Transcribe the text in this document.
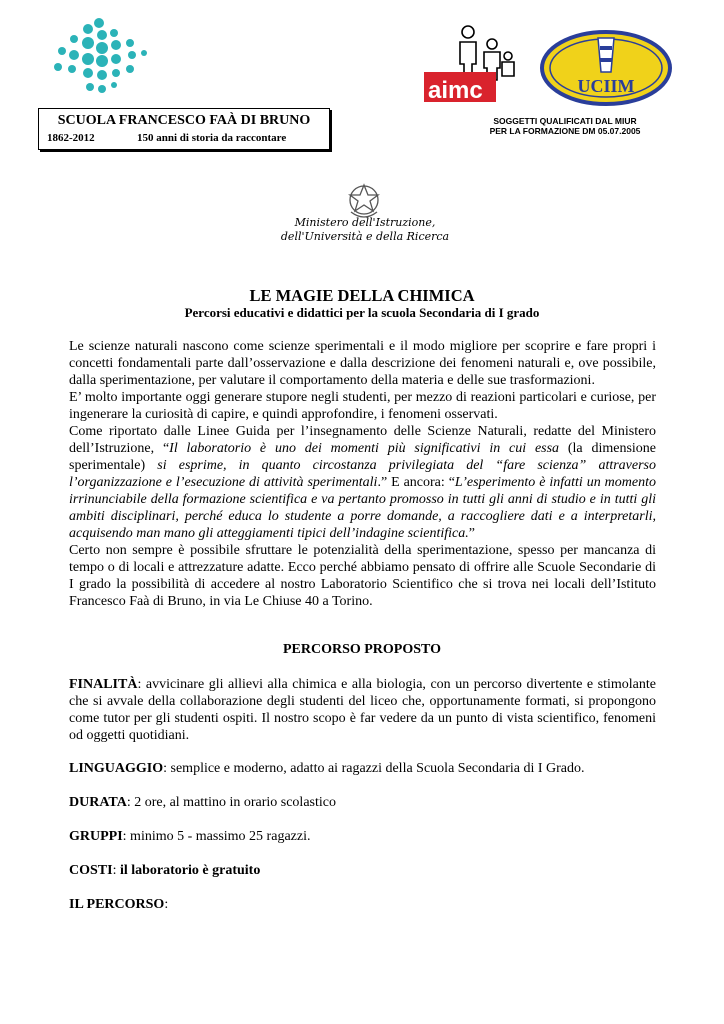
SCUOLA FRANCESCO FAÀ DI BRUNO
1862-2012	150 anni di storia da raccontare
aimc	UCIIM
SOGGETTI QUALIFICATI DAL MIUR
PER LA FORMAZIONE DM 05.07.2005
Ministero dell'Istruzione,
dell'Università e della Ricerca
LE MAGIE DELLA CHIMICA
Percorsi educativi e didattici per la scuola Secondaria di I grado

Le scienze naturali nascono come scienze sperimentali e il modo migliore per scoprire e fare propri i concetti fondamentali parte dall’osservazione e dalla descrizione dei fenomeni naturali e, ove possibile, dalla sperimentazione, per valutare il comportamento della materia e delle sue trasformazioni.

E’ molto importante oggi generare stupore negli studenti, per mezzo di reazioni particolari e curiose, per ingenerare la curiosità di capire, e quindi approfondire, i fenomeni osservati.

Come riportato dalle Linee Guida per l’insegnamento delle Scienze Naturali, redatte del Ministero dell’Istruzione, “Il laboratorio è uno dei momenti più significativi in cui essa (la dimensione sperimentale) si esprime, in quanto circostanza privilegiata del “fare scienza” attraverso l’organizzazione e l’esecuzione di attività sperimentali.” E ancora: “L’esperimento è infatti un momento irrinunciabile della formazione scientifica e va pertanto promosso in tutti gli anni di studio e in tutti gli ambiti disciplinari, perché educa lo studente a porre domande, a raccogliere dati e a interpretarli, acquisendo man mano gli atteggiamenti tipici dell’indagine scientifica.”

Certo non sempre è possibile sfruttare le potenzialità della sperimentazione, spesso per mancanza di tempo o di locali e attrezzature adatte. Ecco perché abbiamo pensato di offrire alle Scuole Secondarie di I grado la possibilità di accedere al nostro Laboratorio Scientifico che si trova nei locali dell’Istituto Francesco Faà di Bruno, in via Le Chiuse 40 a Torino.

PERCORSO PROPOSTO

FINALITÀ: avvicinare gli allievi alla chimica e alla biologia, con un percorso divertente e stimolante che si avvale della collaborazione degli studenti del liceo che, opportunamente formati, si propongono come tutor per gli studenti ospiti. Il nostro scopo è far vedere da un punto di vista scientifico, fenomeni od oggetti quotidiani.

LINGUAGGIO: semplice e moderno, adatto ai ragazzi della Scuola Secondaria di I Grado.
DURATA: 2 ore, al mattino in orario scolastico
GRUPPI: minimo 5 - massimo 25 ragazzi.
COSTI: il laboratorio è gratuito
IL PERCORSO:
